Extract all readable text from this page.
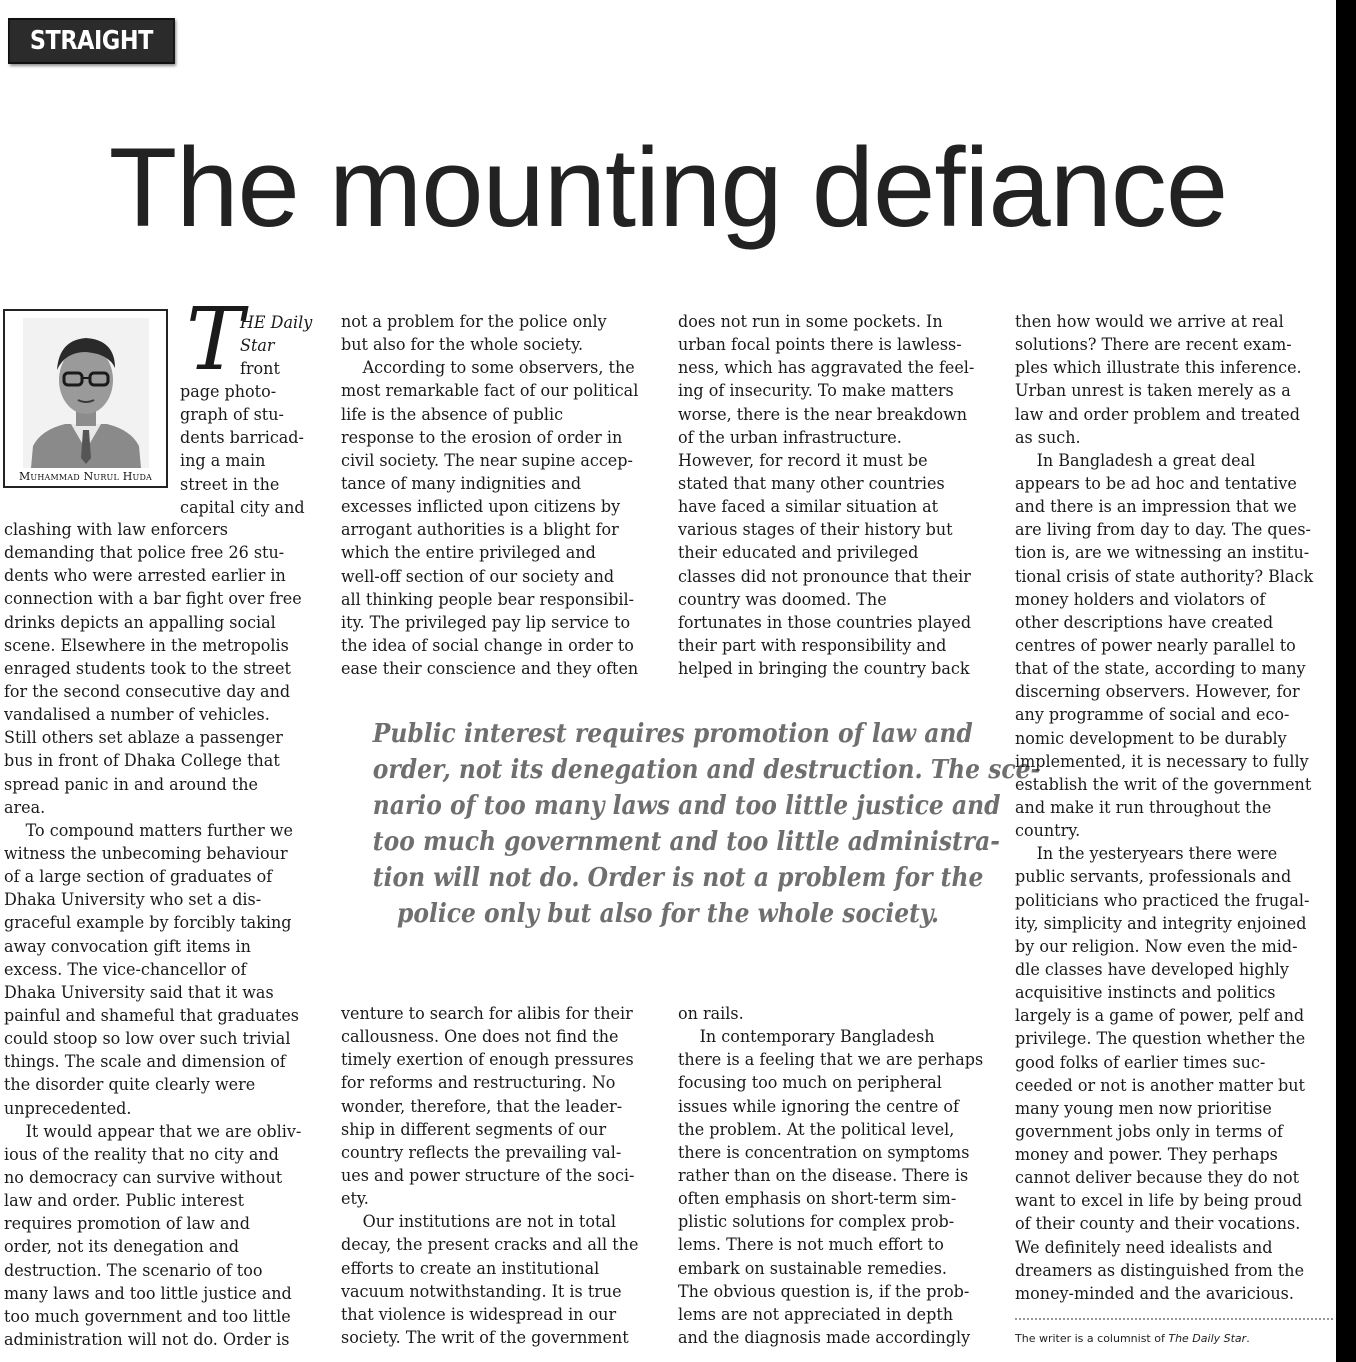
STRAIGHT LINE
The mounting defiance
Muhammad Nurul Huda
T
HE Daily
Star
front
page photo-
graph of stu-
dents barricad-
ing a main
street in the
capital city and
clashing with law enforcers
demanding that police free 26 stu-
dents who were arrested earlier in
connection with a bar fight over free
drinks depicts an appalling social
scene. Elsewhere in the metropolis
enraged students took to the street
for the second consecutive day and
vandalised a number of vehicles.
Still others set ablaze a passenger
bus in front of Dhaka College that
spread panic in and around the
area.
To compound matters further we
witness the unbecoming behaviour
of a large section of graduates of
Dhaka University who set a dis-
graceful example by forcibly taking
away convocation gift items in
excess. The vice-chancellor of
Dhaka University said that it was
painful and shameful that graduates
could stoop so low over such trivial
things. The scale and dimension of
the disorder quite clearly were
unprecedented.
It would appear that we are obliv-
ious of the reality that no city and
no democracy can survive without
law and order. Public interest
requires promotion of law and
order, not its denegation and
destruction. The scenario of too
many laws and too little justice and
too much government and too little
administration will not do. Order is
not a problem for the police only
but also for the whole society.
According to some observers, the
most remarkable fact of our political
life is the absence of public
response to the erosion of order in
civil society. The near supine accep-
tance of many indignities and
excesses inflicted upon citizens by
arrogant authorities is a blight for
which the entire privileged and
well-off section of our society and
all thinking people bear responsibil-
ity. The privileged pay lip service to
the idea of social change in order to
ease their conscience and they often
does not run in some pockets. In
urban focal points there is lawless-
ness, which has aggravated the feel-
ing of insecurity. To make matters
worse, there is the near breakdown
of the urban infrastructure.
However, for record it must be
stated that many other countries
have faced a similar situation at
various stages of their history but
their educated and privileged
classes did not pronounce that their
country was doomed. The
fortunates in those countries played
their part with responsibility and
helped in bringing the country back
Public interest requires promotion of law and
order, not its denegation and destruction. The sce-
nario of too many laws and too little justice and
too much government and too little administra-
tion will not do. Order is not a problem for the
police only but also for the whole society.
venture to search for alibis for their
callousness. One does not find the
timely exertion of enough pressures
for reforms and restructuring. No
wonder, therefore, that the leader-
ship in different segments of our
country reflects the prevailing val-
ues and power structure of the soci-
ety.
Our institutions are not in total
decay, the present cracks and all the
efforts to create an institutional
vacuum notwithstanding. It is true
that violence is widespread in our
society. The writ of the government
on rails.
In contemporary Bangladesh
there is a feeling that we are perhaps
focusing too much on peripheral
issues while ignoring the centre of
the problem. At the political level,
there is concentration on symptoms
rather than on the disease. There is
often emphasis on short-term sim-
plistic solutions for complex prob-
lems. There is not much effort to
embark on sustainable remedies.
The obvious question is, if the prob-
lems are not appreciated in depth
and the diagnosis made accordingly
then how would we arrive at real
solutions? There are recent exam-
ples which illustrate this inference.
Urban unrest is taken merely as a
law and order problem and treated
as such.
In Bangladesh a great deal
appears to be ad hoc and tentative
and there is an impression that we
are living from day to day. The ques-
tion is, are we witnessing an institu-
tional crisis of state authority? Black
money holders and violators of
other descriptions have created
centres of power nearly parallel to
that of the state, according to many
discerning observers. However, for
any programme of social and eco-
nomic development to be durably
implemented, it is necessary to fully
establish the writ of the government
and make it run throughout the
country.
In the yesteryears there were
public servants, professionals and
politicians who practiced the frugal-
ity, simplicity and integrity enjoined
by our religion. Now even the mid-
dle classes have developed highly
acquisitive instincts and politics
largely is a game of power, pelf and
privilege. The question whether the
good folks of earlier times suc-
ceeded or not is another matter but
many young men now prioritise
government jobs only in terms of
money and power. They perhaps
cannot deliver because they do not
want to excel in life by being proud
of their county and their vocations.
We definitely need idealists and
dreamers as distinguished from the
money-minded and the avaricious.
The writer is a columnist of The Daily Star.
